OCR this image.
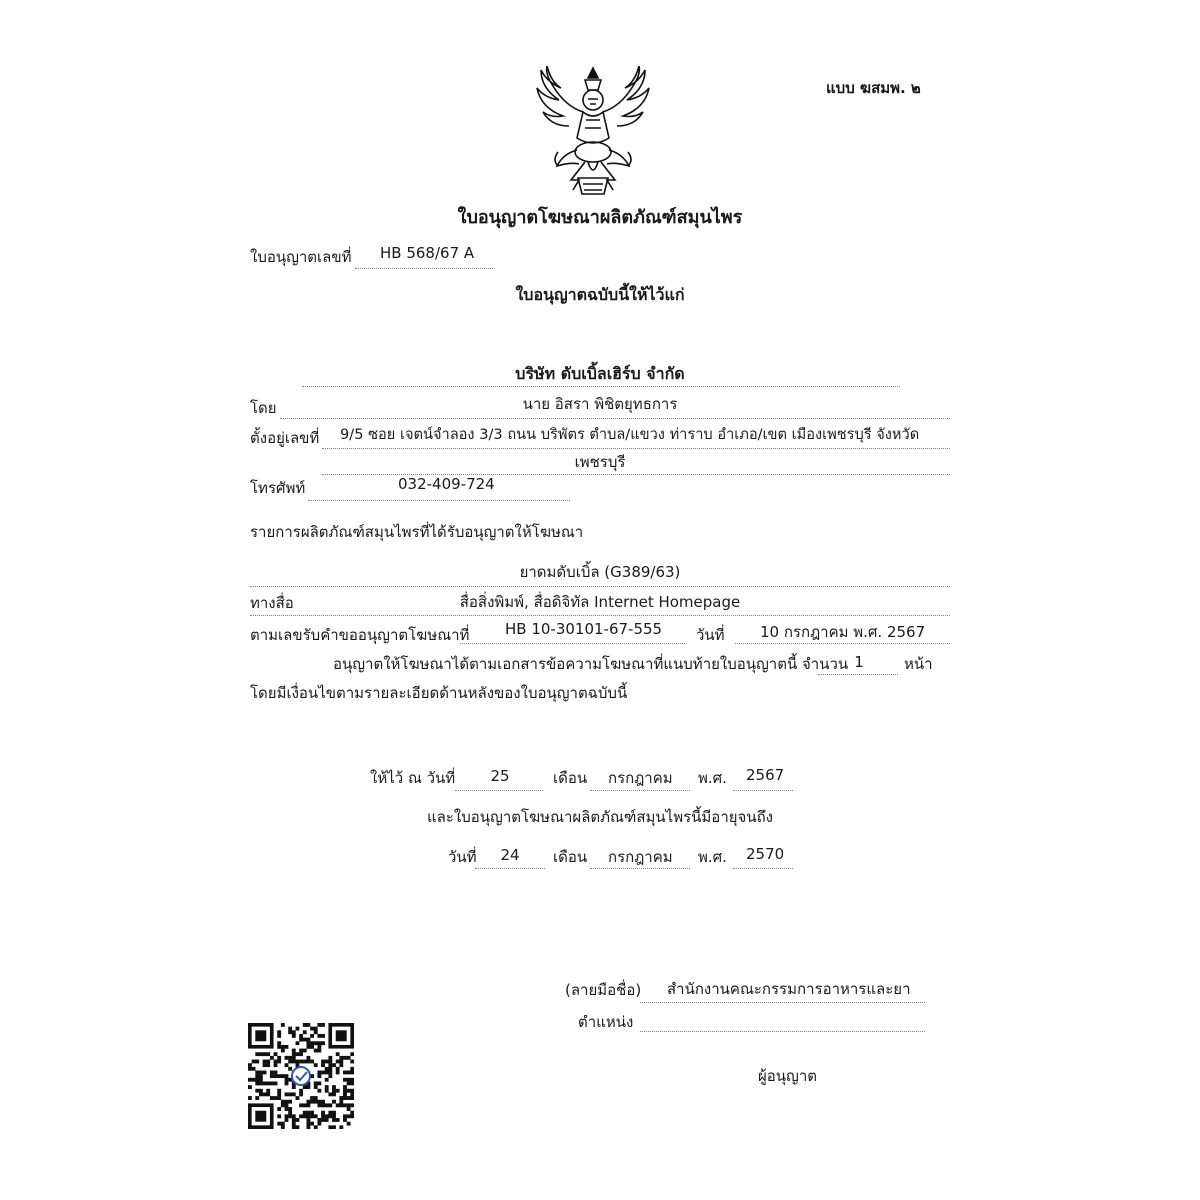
แบบ ฆสมพ. ๒
ใบอนุญาตโฆษณาผลิตภัณฑ์สมุนไพร
ใบอนุญาตเลขที่ HB 568/67 A
ใบอนุญาตฉบับนี้ให้ไว้แก่
บริษัท ดับเบิ้ลเฮิร์บ จำกัด
โดย	นาย อิสรา พิชิตยุทธการ
ตั้งอยู่เลขที่ 9/5 ซอย เจตน์จำลอง 3/3 ถนน บริพัตร ตำบล/แขวง ท่าราบ อำเภอ/เขต เมืองเพชรบุรี จังหวัด
เพชรบุรี
โทรศัพท์	032-409-724
รายการผลิตภัณฑ์สมุนไพรที่ได้รับอนุญาตให้โฆษณา
ยาดมดับเบิ้ล (G389/63)
ทางสื่อ	สื่อสิ่งพิมพ์, สื่อดิจิทัล Internet Homepage
ตามเลขรับคำขออนุญาตโฆษณาที่ HB 10-30101-67-555 วันที่ 10 กรกฎาคม พ.ศ. 2567
อนุญาตให้โฆษณาได้ตามเอกสารข้อความโฆษณาที่แนบท้ายใบอนุญาตนี้ จำนวน 1	หน้า
โดยมีเงื่อนไขตามรายละเอียดด้านหลังของใบอนุญาตฉบับนี้
ให้ไว้ ณ วันที่	25	เดือน กรกฎาคม พ.ศ. 2567
และใบอนุญาตโฆษณาผลิตภัณฑ์สมุนไพรนี้มีอายุจนถึง
วันที่	24	เดือน กรกฎาคม พ.ศ. 2570
(ลายมือชื่อ) สำนักงานคณะกรรมการอาหารและยา
ตำแหน่ง
ผู้อนุญาต
